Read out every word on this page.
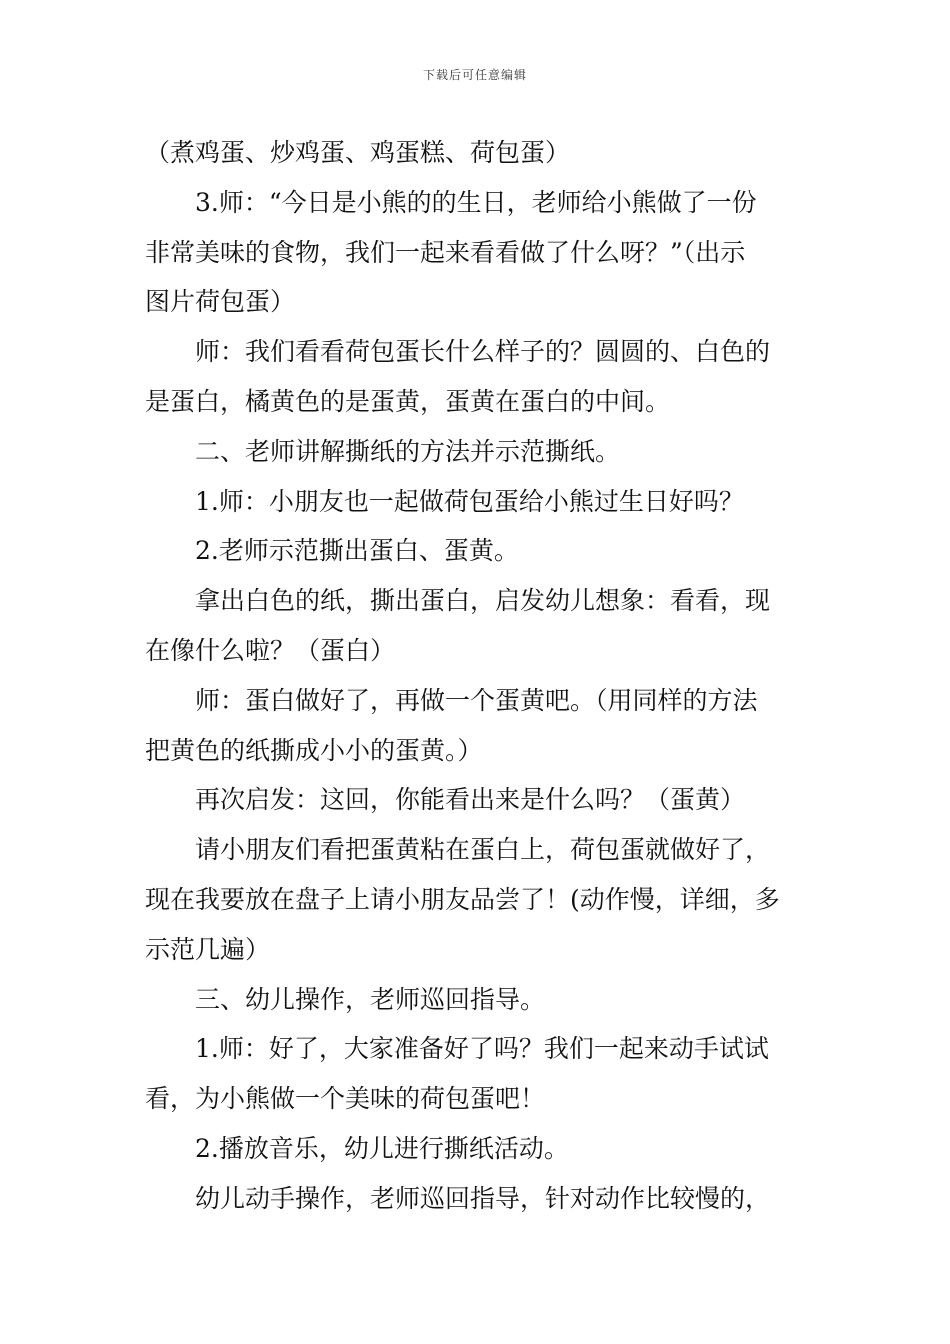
下载后可任意编辑
（煮鸡蛋、炒鸡蛋、鸡蛋糕、荷包蛋）
3.师：“今日是小熊的的生日，老师给小熊做了一份
非常美味的食物，我们一起来看看做了什么呀？”（出示
图片荷包蛋）
师：我们看看荷包蛋长什么样子的？圆圆的、白色的
是蛋白，橘黄色的是蛋黄，蛋黄在蛋白的中间。
二、老师讲解撕纸的方法并示范撕纸。
1.师：小朋友也一起做荷包蛋给小熊过生日好吗？
2.老师示范撕出蛋白、蛋黄。
拿出白色的纸，撕出蛋白，启发幼儿想象：看看，现
在像什么啦？（蛋白）
师：蛋白做好了，再做一个蛋黄吧。（用同样的方法
把黄色的纸撕成小小的蛋黄。）
再次启发：这回，你能看出来是什么吗？（蛋黄）
请小朋友们看把蛋黄粘在蛋白上，荷包蛋就做好了，
现在我要放在盘子上请小朋友品尝了！(动作慢，详细，多
示范几遍）
三、幼儿操作，老师巡回指导。
1.师：好了，大家准备好了吗？我们一起来动手试试
看，为小熊做一个美味的荷包蛋吧！
2.播放音乐，幼儿进行撕纸活动。
幼儿动手操作，老师巡回指导，针对动作比较慢的，
